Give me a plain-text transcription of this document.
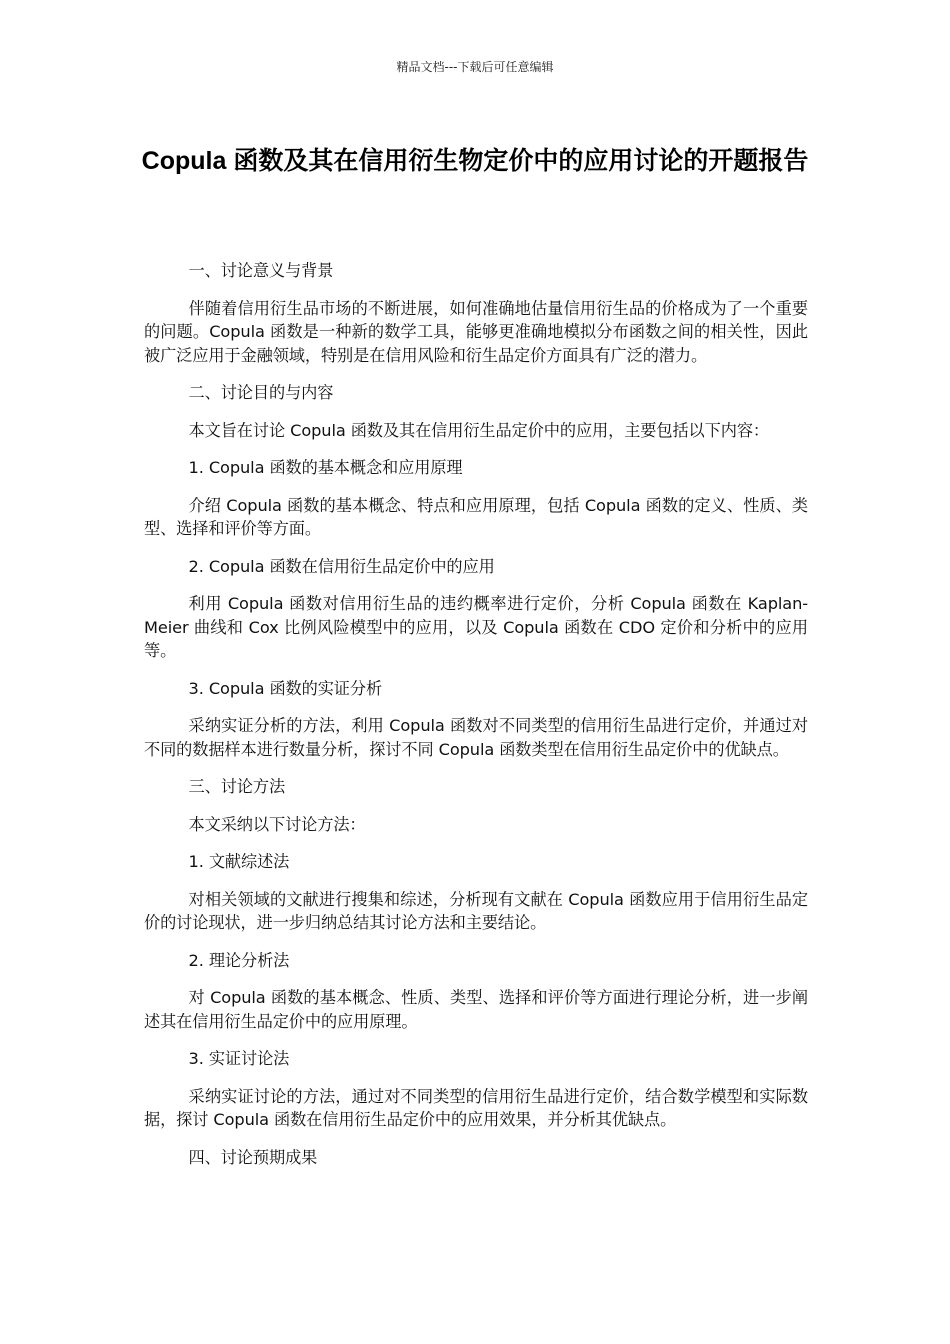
精品文档---下载后可任意编辑
Copula 函数及其在信用衍生物定价中的应用讨论的开题报告

一、讨论意义与背景

伴随着信用衍生品市场的不断进展，如何准确地估量信用衍生品的价格成为了一个重要的问题。Copula 函数是一种新的数学工具，能够更准确地模拟分布函数之间的相关性，因此被广泛应用于金融领域，特别是在信用风险和衍生品定价方面具有广泛的潜力。

二、讨论目的与内容

本文旨在讨论 Copula 函数及其在信用衍生品定价中的应用，主要包括以下内容：

1. Copula 函数的基本概念和应用原理

介绍 Copula 函数的基本概念、特点和应用原理，包括 Copula 函数的定义、性质、类型、选择和评价等方面。

2. Copula 函数在信用衍生品定价中的应用

利用 Copula 函数对信用衍生品的违约概率进行定价，分析 Copula 函数在 Kaplan-Meier 曲线和 Cox 比例风险模型中的应用，以及 Copula 函数在 CDO 定价和分析中的应用等。

3. Copula 函数的实证分析

采纳实证分析的方法，利用 Copula 函数对不同类型的信用衍生品进行定价，并通过对不同的数据样本进行数量分析，探讨不同 Copula 函数类型在信用衍生品定价中的优缺点。

三、讨论方法

本文采纳以下讨论方法：

1. 文献综述法

对相关领域的文献进行搜集和综述，分析现有文献在 Copula 函数应用于信用衍生品定价的讨论现状，进一步归纳总结其讨论方法和主要结论。

2. 理论分析法

对 Copula 函数的基本概念、性质、类型、选择和评价等方面进行理论分析，进一步阐述其在信用衍生品定价中的应用原理。

3. 实证讨论法

采纳实证讨论的方法，通过对不同类型的信用衍生品进行定价，结合数学模型和实际数据，探讨 Copula 函数在信用衍生品定价中的应用效果，并分析其优缺点。

四、讨论预期成果
